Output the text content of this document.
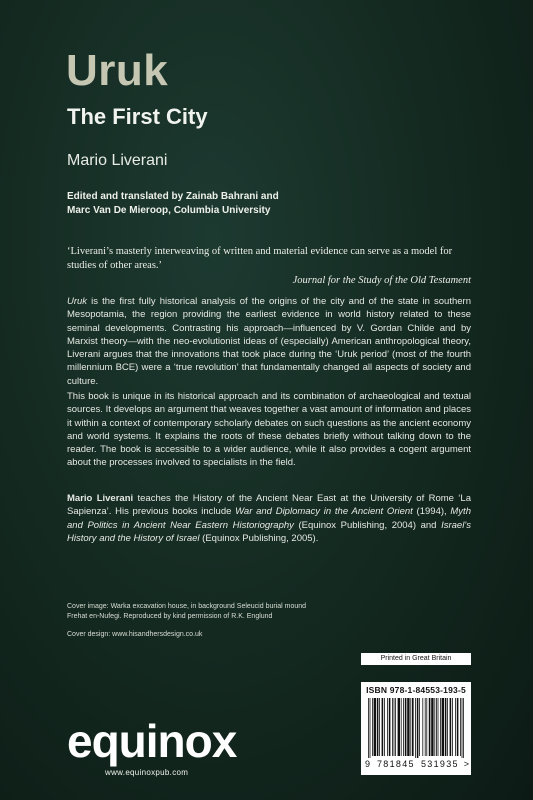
Uruk
The First City
Mario Liverani
Edited and translated by Zainab Bahrani and
Marc Van De Mieroop, Columbia University
‘Liverani’s masterly interweaving of written and material evidence can serve as a model for studies of other areas.’
Journal for the Study of the Old Testament

Uruk is the first fully historical analysis of the origins of the city and of the state in southern Mesopotamia, the region providing the earliest evidence in world history related to these seminal developments. Contrasting his approach—influenced by V. Gordan Childe and by Marxist theory—with the neo-evolutionist ideas of (especially) American anthropological theory, Liverani argues that the innovations that took place during the ‘Uruk period’ (most of the fourth millennium BCE) were a ‘true revolution’ that fundamentally changed all aspects of society and culture.

This book is unique in its historical approach and its combination of archaeological and textual sources. It develops an argument that weaves together a vast amount of information and places it within a context of contemporary scholarly debates on such questions as the ancient economy and world systems. It explains the roots of these debates briefly without talking down to the reader. The book is accessible to a wider audience, while it also provides a cogent argument about the processes involved to specialists in the field.

Mario Liverani teaches the History of the Ancient Near East at the University of Rome ‘La Sapienza’. His previous books include War and Diplomacy in the Ancient Orient (1994), Myth and Politics in Ancient Near Eastern Historiography (Equinox Publishing, 2004) and Israel’s History and the History of Israel (Equinox Publishing, 2005).

Cover image: Warka excavation house, in background Seleucid burial mound
Frehat en-Nufegi. Reproduced by kind permission of R.K. Englund
Cover design: www.hisandhersdesign.co.uk
Printed in Great Britain
ISBN 978-1-84553-193-5
9 781845 531935 >
equinox
www.equinoxpub.com
